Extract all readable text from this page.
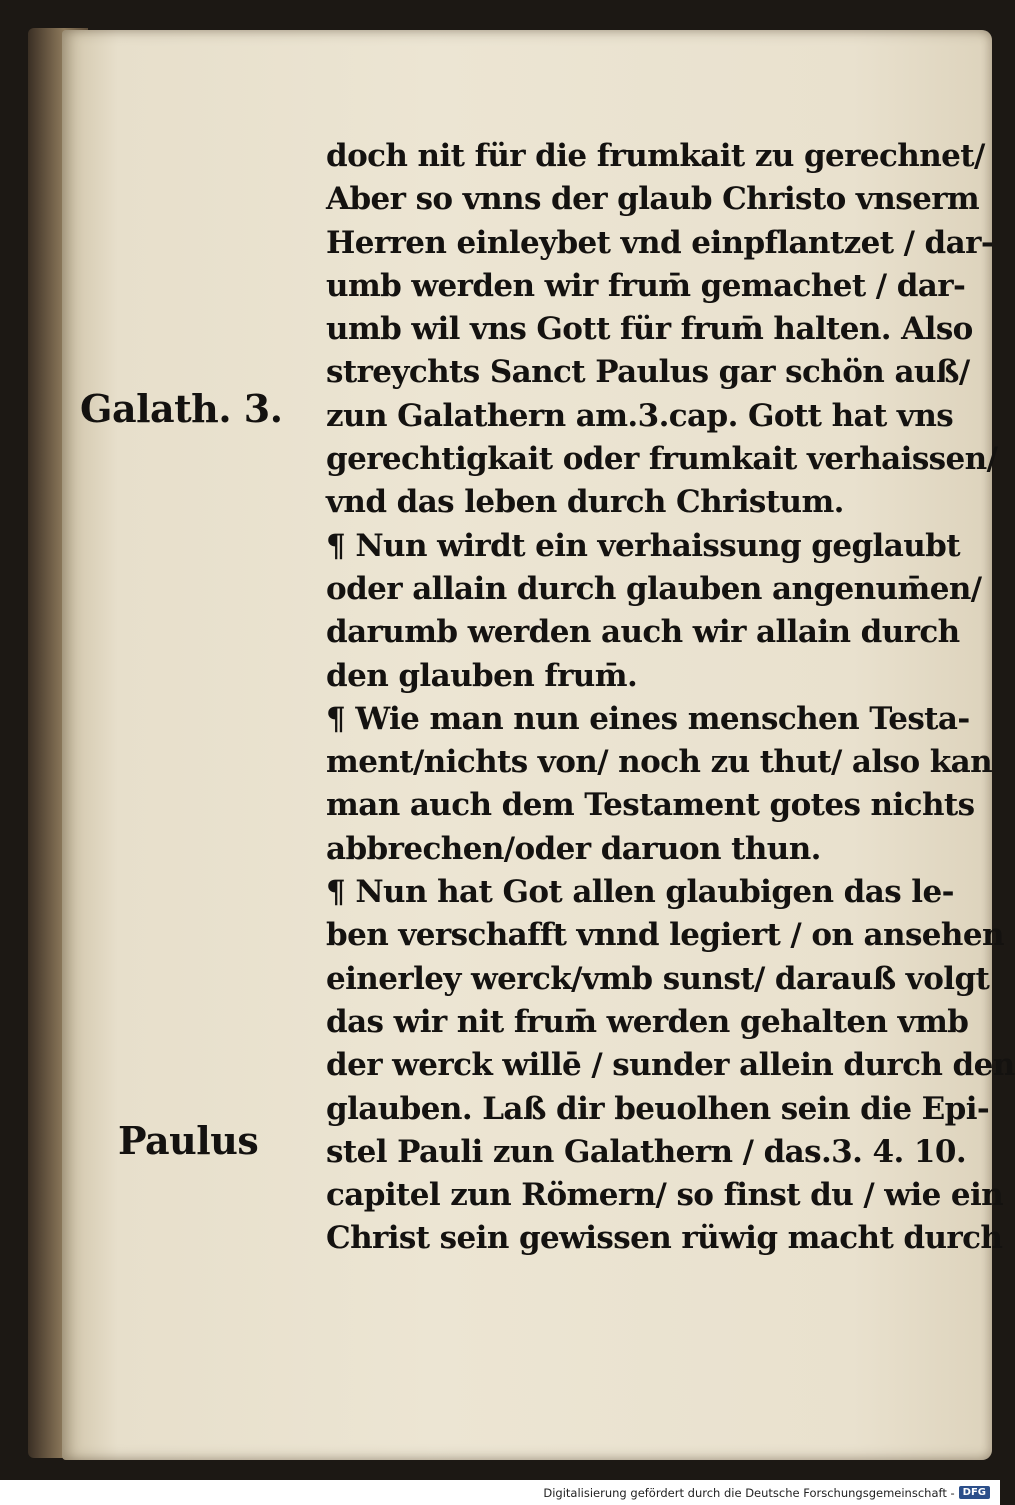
Galath. 3.
Paulus
doch nit für die frumkait zu gerechnet/
Aber so vnns der glaub Christo vnserm
Herren einleybet vnd einpflantzet / dar-
umb werden wir frum̄ gemachet / dar-
umb wil vns Gott für frum̄ halten. Also
streychts Sanct Paulus gar schön auß/
zun Galathern am.3.cap. Gott hat vns
gerechtigkait oder frumkait verhaissen/
vnd das leben durch Christum.
¶ Nun wirdt ein verhaissung geglaubt
oder allain durch glauben angenum̄en/
darumb werden auch wir allain durch
den glauben frum̄.
¶ Wie man nun eines menschen Testa-
ment/nichts von/ noch zu thut/ also kan
man auch dem Testament gotes nichts
abbrechen/oder daruon thun.
¶ Nun hat Got allen glaubigen das le-
ben verschafft vnnd legiert / on ansehen
einerley werck/vmb sunst/ darauß volgt
das wir nit frum̄ werden gehalten vmb
der werck willē / sunder allein durch den
glauben. Laß dir beuolhen sein die Epi-
stel Pauli zun Galathern / das.3. 4. 10.
capitel zun Römern/ so finst du / wie ein
Christ sein gewissen rüwig macht durch
Digitalisierung gefördert durch die Deutsche Forschungsgemeinschaft - DFG
